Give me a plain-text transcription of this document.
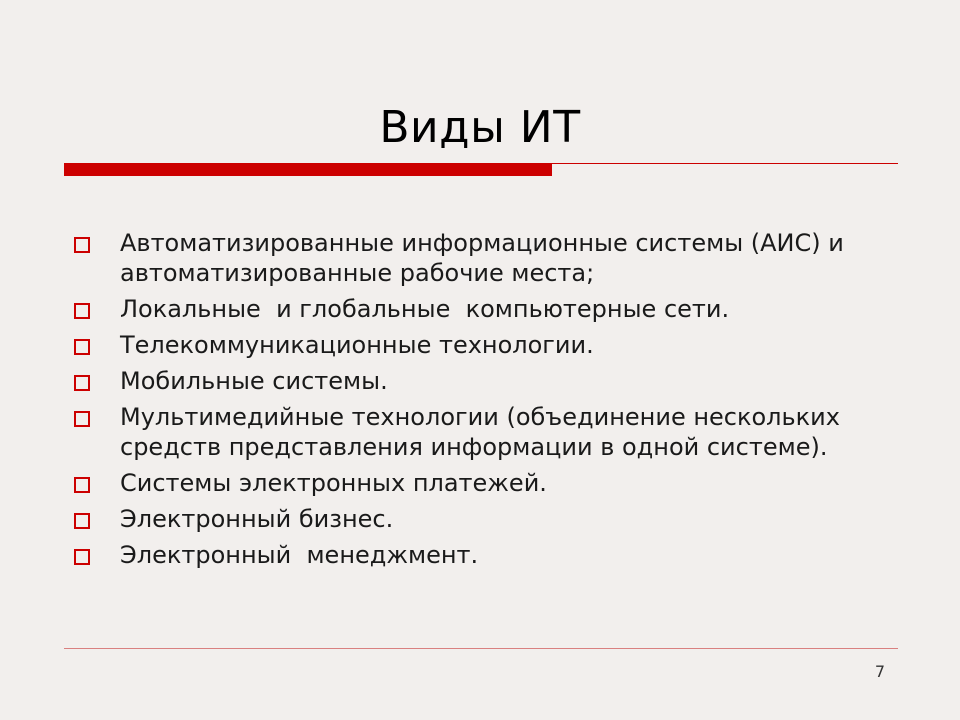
Виды ИТ
Автоматизированные информационные системы (АИС) и автоматизированные рабочие места;
Локальные  и глобальные  компьютерные сети.
Телекоммуникационные технологии.
Мобильные системы.
Мультимедийные технологии (объединение нескольких средств представления информации в одной системе).
Системы электронных платежей.
Электронный бизнес.
Электронный  менеджмент.
7
